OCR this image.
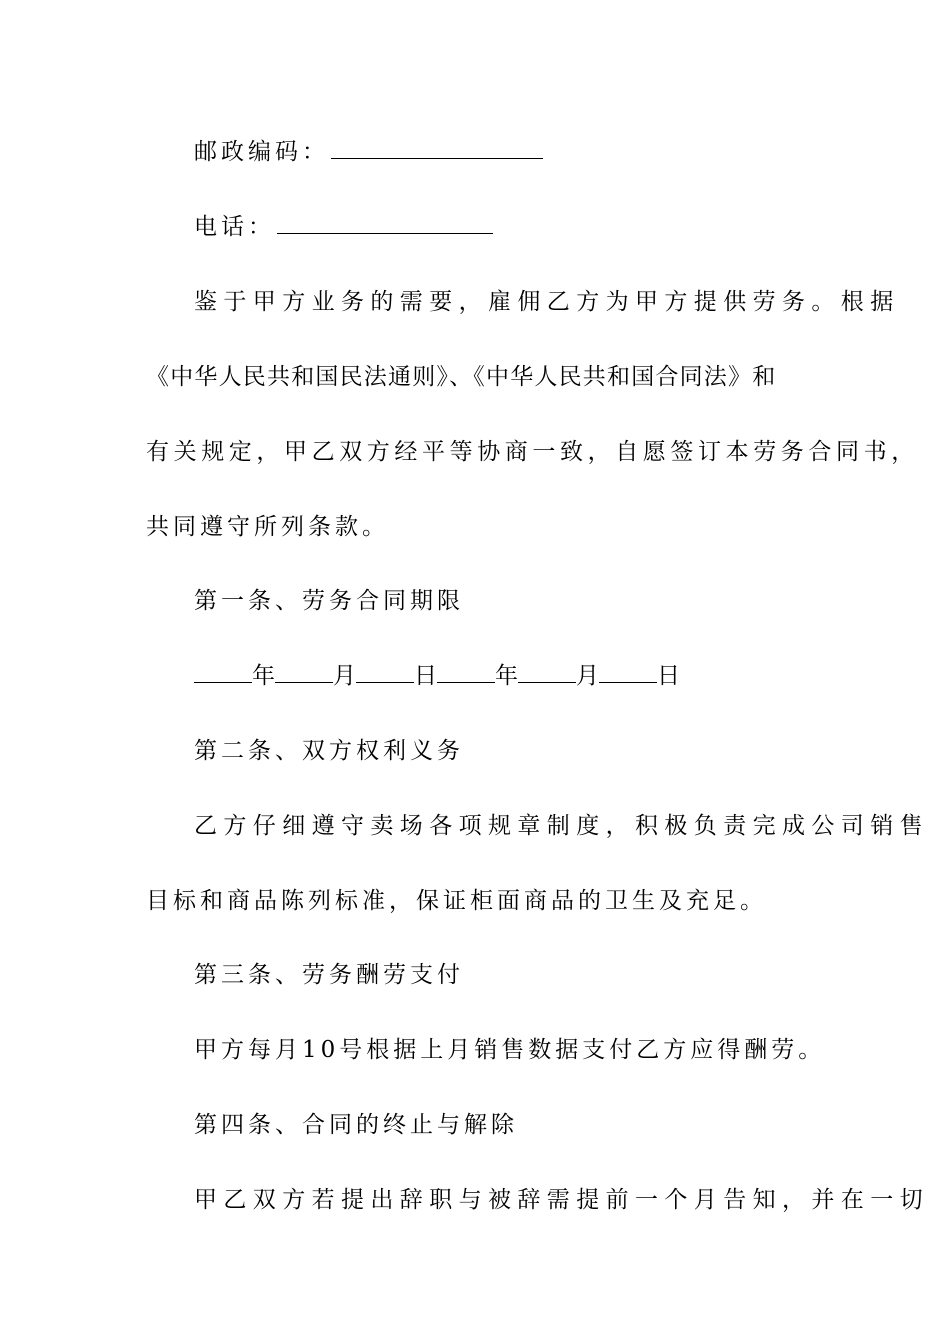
邮政编码：
电话：
鉴于甲方业务的需要，雇佣乙方为甲方提供劳务。根据
《中华人民共和国民法通则》、《中华人民共和国合同法》和
有关规定，甲乙双方经平等协商一致，自愿签订本劳务合同书，
共同遵守所列条款。
第一条、劳务合同期限
年	月	日	年	月	日
第二条、双方权利义务
乙方仔细遵守卖场各项规章制度，积极负责完成公司销售
目标和商品陈列标准，保证柜面商品的卫生及充足。
第三条、劳务酬劳支付
甲方每月10号根据上月销售数据支付乙方应得酬劳。
第四条、合同的终止与解除
甲乙双方若提出辞职与被辞需提前一个月告知，并在一切
